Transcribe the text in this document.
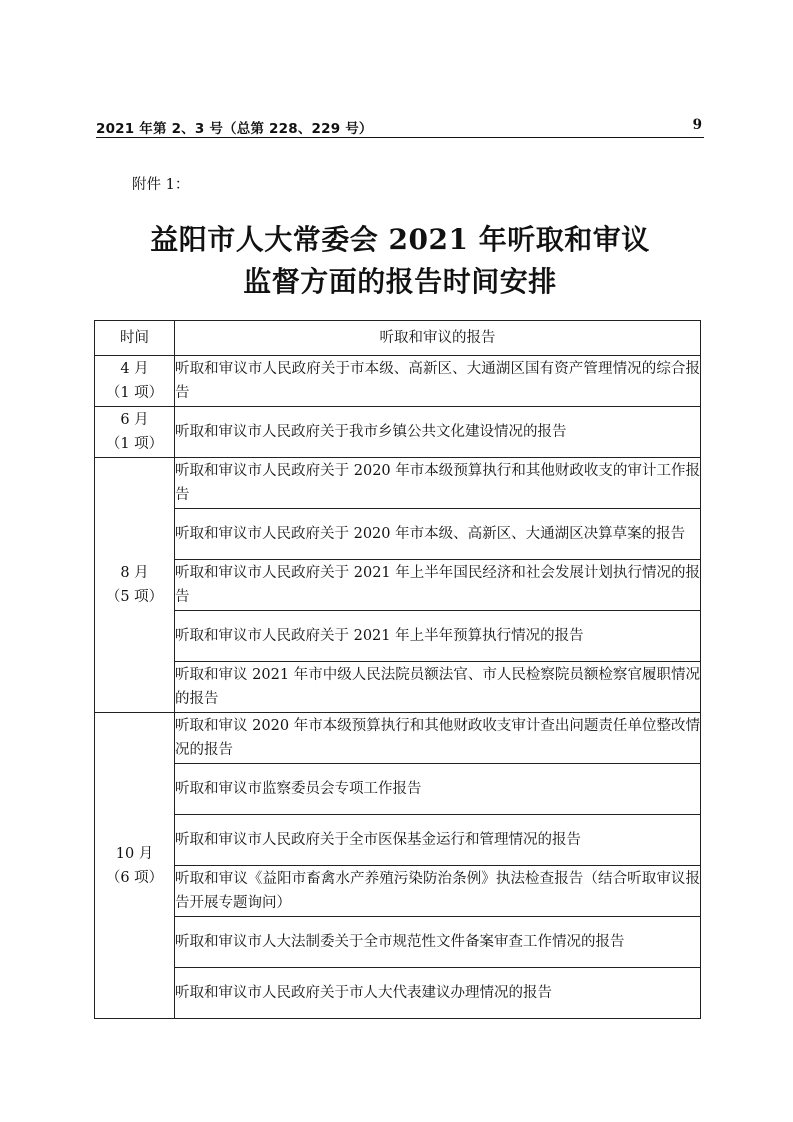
2021 年第 2、3 号（总第 228、229 号）	9
附件 1：
益阳市人大常委会 2021 年听取和审议
监督方面的报告时间安排
时间	听取和审议的报告

4 月
（1 项）	听取和审议市人民政府关于市本级、高新区、大通湖区国有资产管理情况的综合报告

6 月
（1 项）	听取和审议市人民政府关于我市乡镇公共文化建设情况的报告

8 月
（5 项）	听取和审议市人民政府关于 2020 年市本级预算执行和其他财政收支的审计工作报告
	听取和审议市人民政府关于 2020 年市本级、高新区、大通湖区决算草案的报告
	听取和审议市人民政府关于 2021 年上半年国民经济和社会发展计划执行情况的报告
	听取和审议市人民政府关于 2021 年上半年预算执行情况的报告
	听取和审议 2021 年市中级人民法院员额法官、市人民检察院员额检察官履职情况的报告

10 月
（6 项）	听取和审议 2020 年市本级预算执行和其他财政收支审计查出问题责任单位整改情况的报告
	听取和审议市监察委员会专项工作报告
	听取和审议市人民政府关于全市医保基金运行和管理情况的报告
	听取和审议《益阳市畜禽水产养殖污染防治条例》执法检查报告（结合听取审议报告开展专题询问）
	听取和审议市人大法制委关于全市规范性文件备案审查工作情况的报告
	听取和审议市人民政府关于市人大代表建议办理情况的报告
